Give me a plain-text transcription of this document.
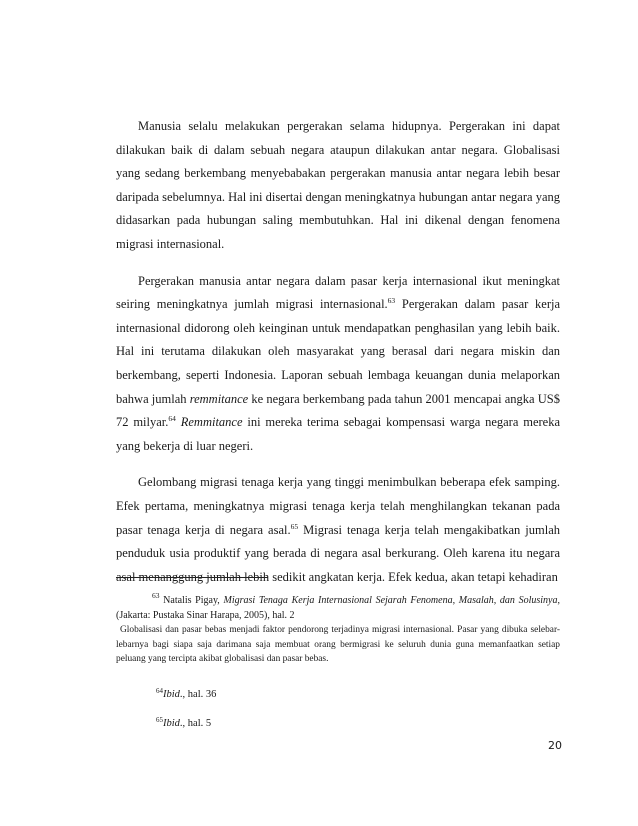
Manusia selalu melakukan pergerakan selama hidupnya. Pergerakan ini dapat dilakukan baik di dalam sebuah negara ataupun dilakukan antar negara. Globalisasi yang sedang berkembang menyebabakan pergerakan manusia antar negara lebih besar daripada sebelumnya. Hal ini disertai dengan meningkatnya hubungan antar negara yang didasarkan pada hubungan saling membutuhkan. Hal ini dikenal dengan fenomena migrasi internasional.

Pergerakan manusia antar negara dalam pasar kerja internasional ikut meningkat seiring meningkatnya jumlah migrasi internasional.$^{63}$ Pergerakan dalam pasar kerja internasional didorong oleh keinginan untuk mendapatkan penghasilan yang lebih baik. Hal ini terutama dilakukan oleh masyarakat yang berasal dari negara miskin dan berkembang, seperti Indonesia. Laporan sebuah lembaga keuangan dunia melaporkan bahwa jumlah remmitance ke negara berkembang pada tahun 2001 mencapai angka US$ 72 milyar.$^{64}$ Remmitance ini mereka terima sebagai kompensasi warga negara mereka yang bekerja di luar negeri.

Gelombang migrasi tenaga kerja yang tinggi menimbulkan beberapa efek samping. Efek pertama, meningkatnya migrasi tenaga kerja telah menghilangkan tekanan pada pasar tenaga kerja di negara asal.$^{65}$ Migrasi tenaga kerja telah mengakibatkan jumlah penduduk usia produktif yang berada di negara asal berkurang. Oleh karena itu negara asal menanggung jumlah lebih sedikit angkatan kerja. Efek kedua, akan tetapi kehadiran

$^{63}$ Natalis Pigay, Migrasi Tenaga Kerja Internasional Sejarah Fenomena, Masalah, dan Solusinya, (Jakarta: Pustaka Sinar Harapa, 2005), hal. 2

Globalisasi dan pasar bebas menjadi faktor pendorong terjadinya migrasi internasional. Pasar yang dibuka selebar-lebarnya bagi siapa saja darimana saja membuat orang bermigrasi ke seluruh dunia guna memanfaatkan setiap peluang yang tercipta akibat globalisasi dan pasar bebas.

$^{64}$Ibid., hal. 36
$^{65}$Ibid., hal. 5
20
